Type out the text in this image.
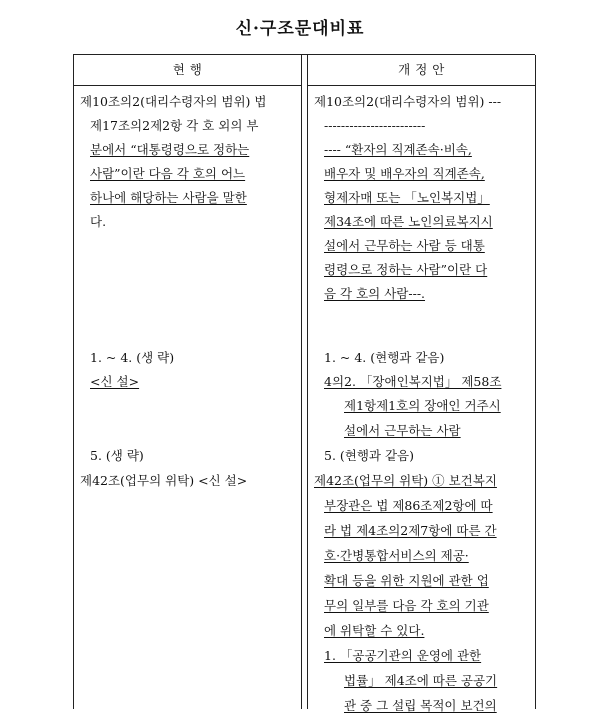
신·구조문대비표
현 행	개 정 안
제10조의2(대리수령자의 범위) 법
제17조의2제2항 각 호 외의 부
분에서 “대통령령으로 정하는
사람”이란 다음 각 호의 어느
하나에 해당하는 사람을 말한
다.
1. ~ 4. (생 략)
<신 설>
5. (생 략)
제42조(업무의 위탁) <신 설>
제10조의2(대리수령자의 범위) ---
------------------------
---- “환자의 직계존속·비속,
배우자 및 배우자의 직계존속,
형제자매 또는 「노인복지법」
제34조에 따른 노인의료복지시
설에서 근무하는 사람 등 대통
령령으로 정하는 사람”이란 다
음 각 호의 사람---.
1. ~ 4. (현행과 같음)
4의2. 「장애인복지법」 제58조
제1항제1호의 장애인 거주시
설에서 근무하는 사람
5. (현행과 같음)
제42조(업무의 위탁) ① 보건복지
부장관은 법 제86조제2항에 따
라 법 제4조의2제7항에 따른 간
호·간병통합서비스의 제공·
확대 등을 위한 지원에 관한 업
무의 일부를 다음 각 호의 기관
에 위탁할 수 있다.
1. 「공공기관의 운영에 관한
법률」 제4조에 따른 공공기
관 중 그 설립 목적이 보건의
